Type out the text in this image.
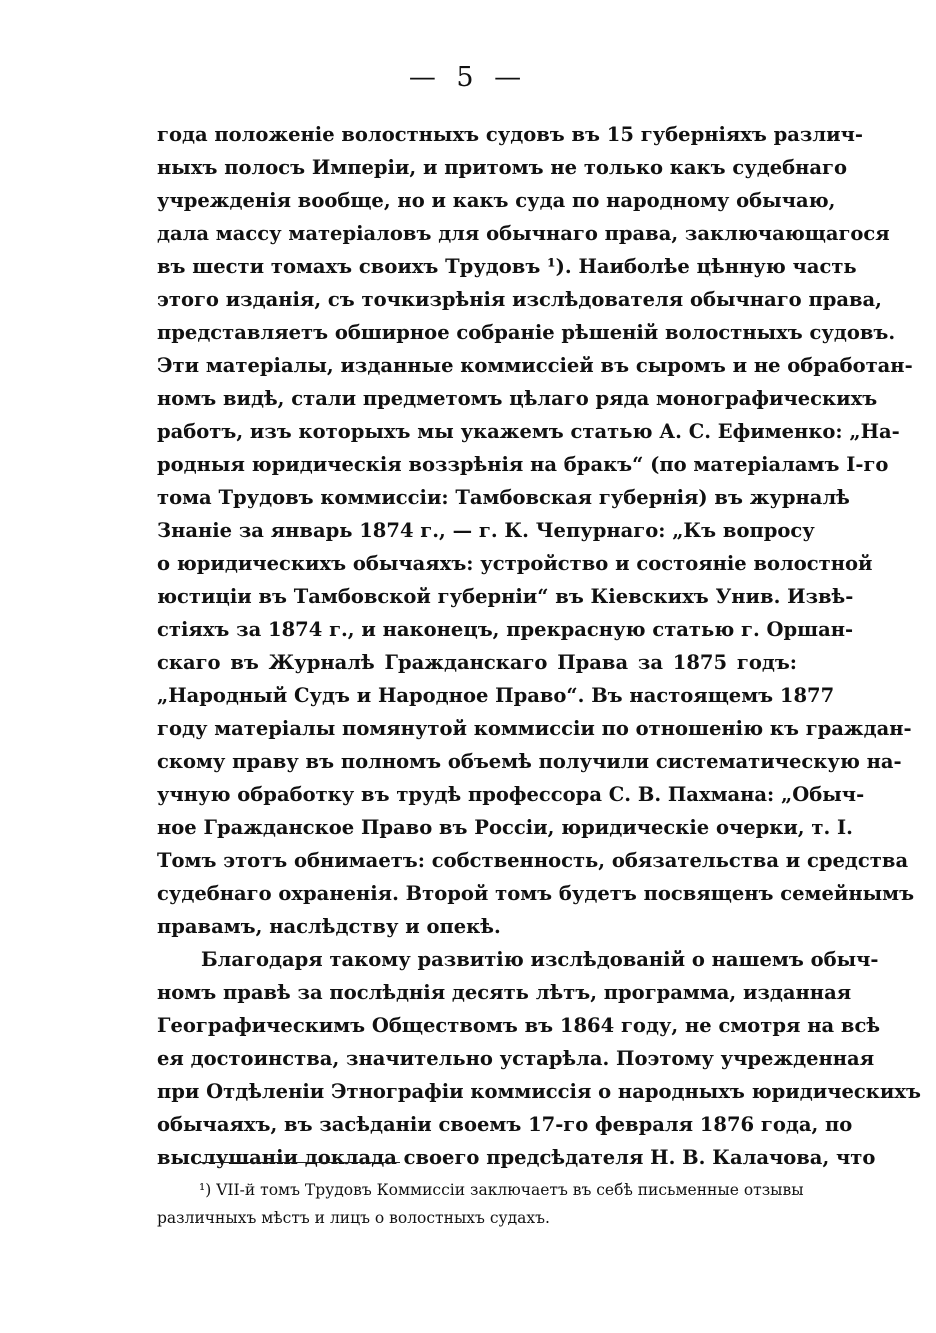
— 5 —
года положеніе волостныхъ судовъ въ 15 губерніяхъ различ-
ныхъ полосъ Имперіи, и притомъ не только какъ судебнаго
учрежденія вообще, но и какъ суда по народному обычаю,
дала массу матеріаловъ для обычнаго права, заключающагося
въ шести томахъ своихъ Трудовъ ¹). Наиболѣе цѣнную часть
этого изданія, съ точкизрѣнія изслѣдователя обычнаго права,
представляетъ обширное собраніе рѣшеній волостныхъ судовъ.
Эти матеріалы, изданные коммиссіей въ сыромъ и не обработан-
номъ видѣ, стали предметомъ цѣлаго ряда монографическихъ
работъ, изъ которыхъ мы укажемъ статью А. С. Ефименко: „На-
родныя юридическія воззрѣнія на бракъ“ (по матеріаламъ I-го
тома Трудовъ коммиссіи: Тамбовская губернія) въ журналѣ
Знаніе за январь 1874 г., — г. К. Чепурнаго: „Къ вопросу
о юридическихъ обычаяхъ: устройство и состояніе волостной
юстиціи въ Тамбовской губерніи“ въ Кіевскихъ Унив. Извѣ-
стіяхъ за 1874 г., и наконецъ, прекрасную статью г. Оршан-
скаго въ Журналѣ Гражданскаго Права за 1875 годъ:
„Народный Судъ и Народное Право“. Въ настоящемъ 1877
году матеріалы помянутой коммиссіи по отношенію къ граждан-
скому праву въ полномъ объемѣ получили систематическую на-
учную обработку въ трудѣ профессора С. В. Пахмана: „Обыч-
ное Гражданское Право въ Россіи, юридическіе очерки, т. I.
Томъ этотъ обнимаетъ: собственность, обязательства и средства
судебнаго охраненія. Второй томъ будетъ посвященъ семейнымъ
правамъ, наслѣдству и опекѣ.
Благодаря такому развитію изслѣдованій о нашемъ обыч-
номъ правѣ за послѣднія десять лѣтъ, программа, изданная
Географическимъ Обществомъ въ 1864 году, не смотря на всѣ
ея достоинства, значительно устарѣла. Поэтому учрежденная
при Отдѣленіи Этнографіи коммиссія о народныхъ юридическихъ
обычаяхъ, въ засѣданіи своемъ 17-го февраля 1876 года, по
выслушаніи доклада своего предсѣдателя Н. В. Калачова, что
¹) VII-й томъ Трудовъ Коммиссіи заключаетъ въ себѣ письменные отзывы
различныхъ мѣстъ и лицъ о волостныхъ судахъ.
